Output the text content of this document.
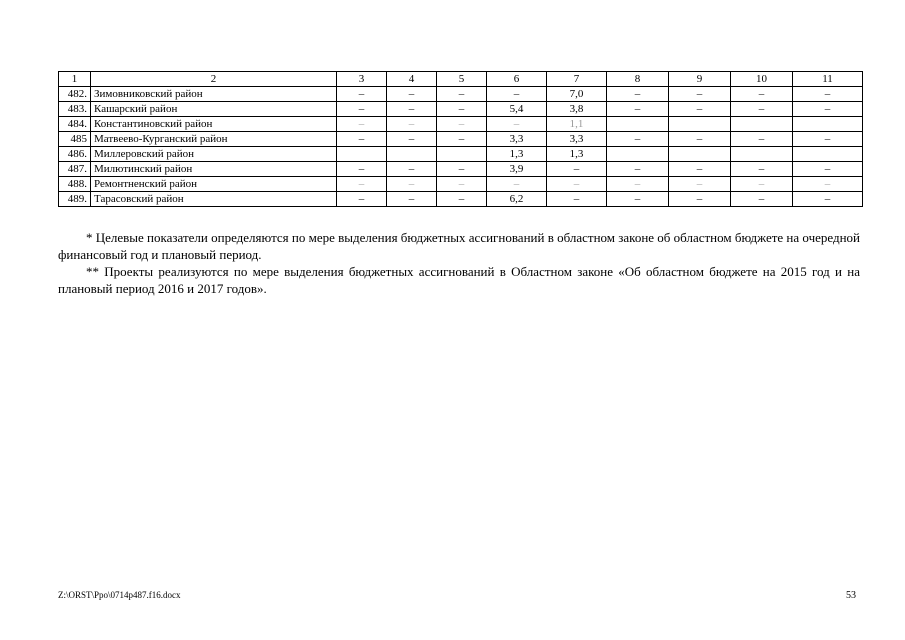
1	2	3	4	5	6	7	8	9	10	11
482.	Зимовниковский район	–	–	–	–	7,0	–	–	–	–
483.	Кашарский район	–	–	–	5,4	3,8	–	–	–	–
484.	Константиновский район	–	–	–	–	1,1				
485	Матвеево-Курганский район	–	–	–	3,3	3,3	–	–	–	–
486.	Миллеровский район				1,3	1,3				
487.	Милютинский район	–	–	–	3,9	–	–	–	–	–
488.	Ремонтненский район	–	–	–	–	–	–	–	–	–
489.	Тарасовский район	–	–	–	6,2	–	–	–	–	–

* Целевые показатели определяются по мере выделения бюджетных ассигнований в областном законе об областном бюджете на очередной финансовый год и плановый период.

** Проекты реализуются по мере выделения бюджетных ассигнований в Областном законе «Об областном бюджете на 2015 год и на плановый период 2016 и 2017 годов».

Z:\ORST\Ppo\0714p487.f16.docx	53
